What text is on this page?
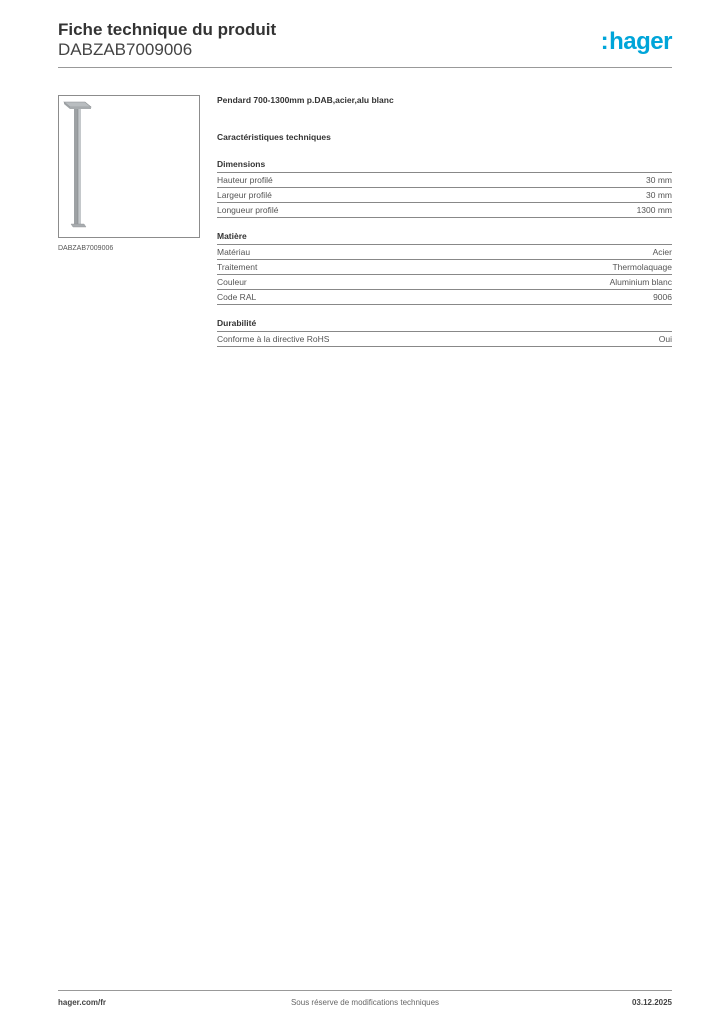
Fiche technique du produit
DABZAB7009006	:hager
DABZAB7009006
Pendard 700-1300mm p.DAB,acier,alu blanc
Caractéristiques techniques
Dimensions
Hauteur profilé	30 mm
Largeur profilé	30 mm
Longueur profilé	1300 mm
Matière
Matériau	Acier
Traitement	Thermolaquage
Couleur	Aluminium blanc
Code RAL	9006
Durabilité
Conforme à la directive RoHS	Oui
hager.com/fr	Sous réserve de modifications techniques	03.12.2025
